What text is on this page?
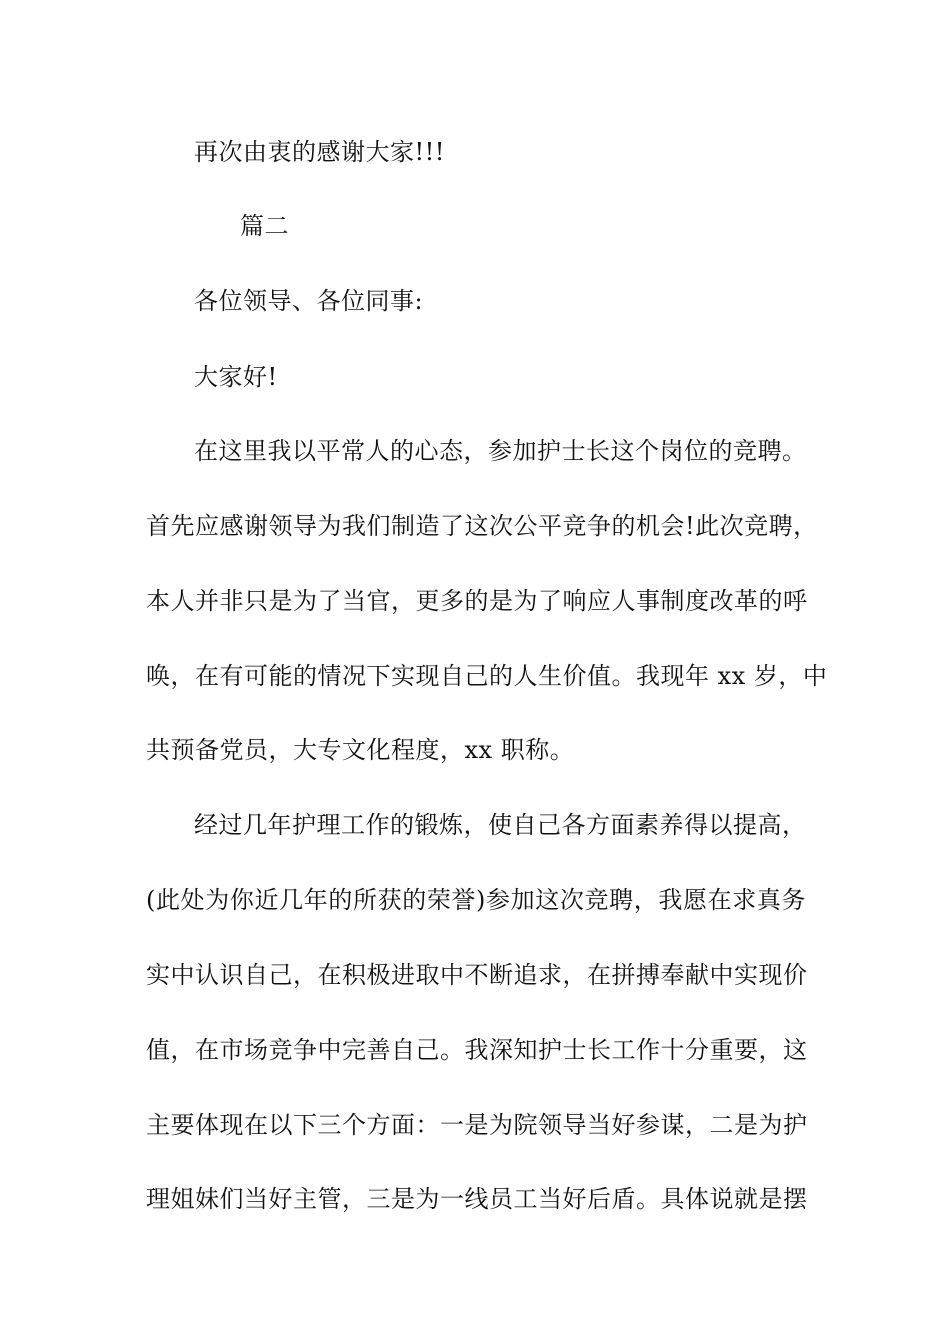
再次由衷的感谢大家!!!
篇二
各位领导、各位同事:
大家好!
在这里我以平常人的心态，参加护士长这个岗位的竞聘。
首先应感谢领导为我们制造了这次公平竞争的机会!此次竞聘，
本人并非只是为了当官，更多的是为了响应人事制度改革的呼
唤，在有可能的情况下实现自己的人生价值。我现年 xx 岁，中
共预备党员，大专文化程度，xx 职称。
经过几年护理工作的锻炼，使自己各方面素养得以提高，
(此处为你近几年的所获的荣誉)参加这次竞聘，我愿在求真务
实中认识自己，在积极进取中不断追求，在拼搏奉献中实现价
值，在市场竞争中完善自己。我深知护士长工作十分重要，这
主要体现在以下三个方面：一是为院领导当好参谋，二是为护
理姐妹们当好主管，三是为一线员工当好后盾。具体说就是摆
